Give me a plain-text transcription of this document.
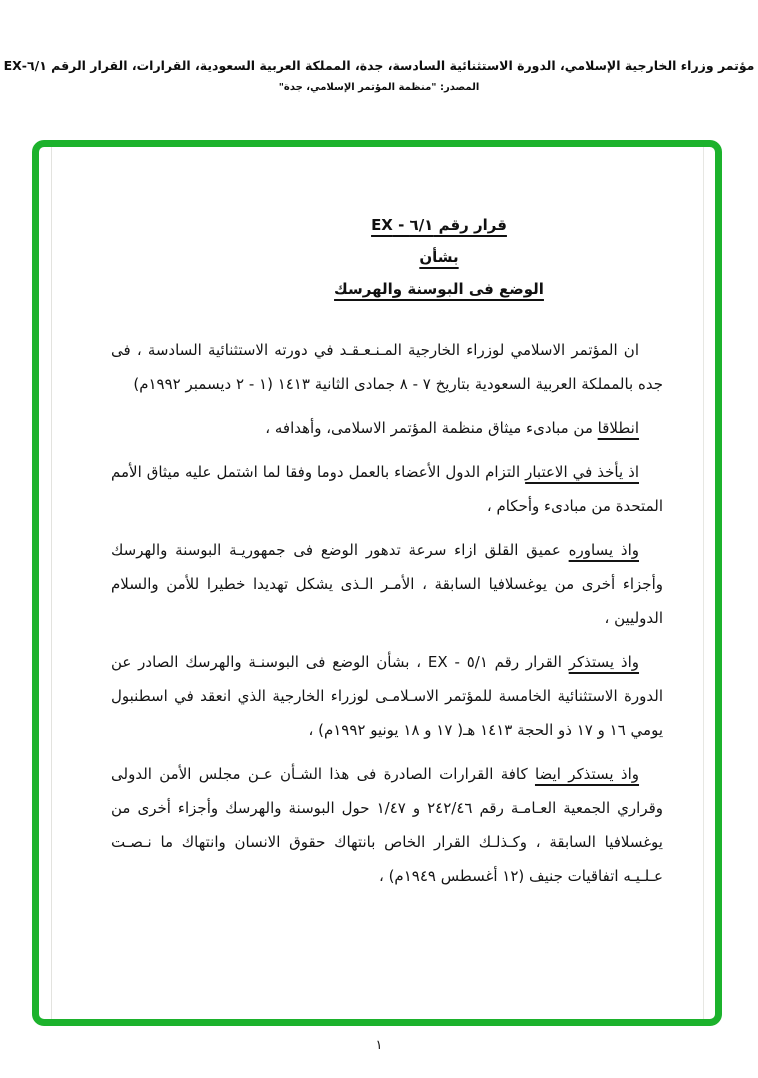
مؤتمر وزراء الخارجية الإسلامي، الدورة الاستثنائية السادسة، جدة، المملكة العربية السعودية، القرارات، القرار الرقم ٦/١-EX
المصدر: "منظمة المؤتمر الإسلامي، جدة"
قرار رقم ٦/١ - EX
بشأن
الوضع فى البوسنة والهرسك

ان المؤتمر الاسلامي لوزراء الخارجية المـنـعـقـد في دورته الاستثنائية السادسة ، فى جده بالمملكة العربية السعودية بتاريخ ٧ - ٨ جمادى الثانية ١٤١٣ (١ - ٢ ديسمبر ١٩٩٢م)

انطلاقا من مبادىء ميثاق منظمة المؤتمر الاسلامى، وأهدافه ،

اذ يأخذ في الاعتبار التزام الدول الأعضاء بالعمل دوما وفقا لما اشتمل عليه ميثاق الأمم المتحدة من مبادىء وأحكام ،

واذ يساوره عميق القلق ازاء سرعة تدهور الوضع فى جمهوريـة البوسنة والهرسك وأجزاء أخرى من يوغسلافيا السابقة ، الأمـر الـذى يشكل تهديدا خطيرا للأمن والسلام الدوليين ،

واذ يستذكر القرار رقم ٥/١ - EX ، بشأن الوضع فى البوسنـة والهرسك الصادر عن الدورة الاستثنائية الخامسة للمؤتمر الاسـلامـى لوزراء الخارجية الذي انعقد في اسطنبول يومي ١٦ و ١٧ ذو الحجة ١٤١٣ هـ( ١٧ و ١٨ يونيو ١٩٩٢م) ،

واذ يستذكر ايضا كافة القرارات الصادرة فى هذا الشـأن عـن مجلس الأمن الدولى وقراري الجمعية العـامـة رقم ٢٤٢/٤٦ و ١/٤٧ حول البوسنة والهرسك وأجزاء أخرى من يوغسلافيا السابقة ، وكـذلـك القرار الخاص بانتهاك حقوق الانسان وانتهاك ما نـصـت عـلـيـه اتفاقيات جنيف (١٢ أغسطس ١٩٤٩م) ،

١
